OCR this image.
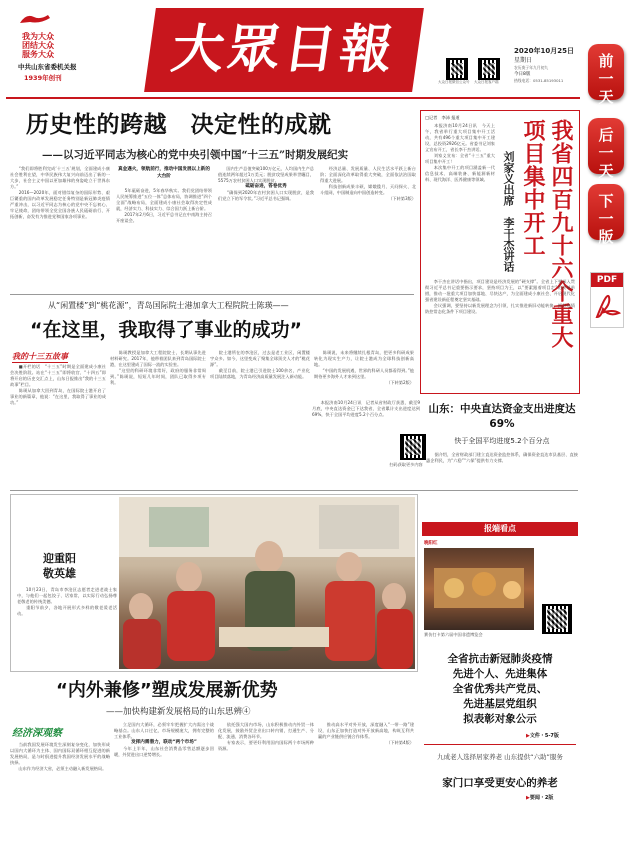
我为大众
团结大众
服务大众
中共山东省委机关报
1939年创刊	大眾日報
大众日报微信公众号 大众日报客户端
2020年10月25日
星期日
农历庚子年九月初九
今日8版
热线电话：0531-85193011
历史性的跨越　决定性的成就
——以习近平同志为核心的党中央引领中国“十三五”时期发展纪实
　　“我们即将胜利完成‘十三五’规划，全面建成小康社会胜利在望，中华民族伟大复兴向前迈出了新的一大步，社会主义中国以更加雄伟的身姿屹立于世界东方。”
　　2016—2020年，面对错综复杂的国际形势、艰巨繁重的国内改革发展稳定任务特别是新冠肺炎疫情严重冲击，以习近平同志为核心的党中央不忘初心、牢记使命，团结带领全党全国各族人民砥砺前行、开拓创新，奋发有为推进党和国家各项事业。
真金遇火，领航前行，推动中国发展以上新的大台阶
　　5年砥砺奋进，5年春华秋实。我们党团结带领人民统筹推进“五位一体”总体布局，协调推进“四个全面”战略布局，全面建成小康社会取得决定性成就，经济实力、科技实力、综合国力跃上新台阶。
　　2017年2月6日，习近平总书记在中南海主持召开座谈会。
　　国内生产总值突破100万亿元，人均国内生产总值连续两年超过1万美元；脱贫攻坚成果举世瞩目，5575万农村贫困人口实现脱贫。
砥砺奋进，答卷优秀
　　“确保到2020年农村贫困人口实现脱贫，是我们党立下的军令状。”习近平总书记强调。
　　经济总量、发展质量、人民生活水平跃上新台阶；全面深化改革取得重大突破，全面依法治国取得重大进展。
　　科技创新成果丰硕，嫦娥揽月、天问探火、北斗组网，中国制造向中国创造转变。
（下转第3版）
□记者　李沛 报道
　　本报济南10月24日讯　今天上午，我省举行重大项目集中开工活动，共有496个重大项目集中开工建设，总投资2926亿元。省委书记刘家义宣布开工，省长李干杰讲话。
　　刘家义宣布：全省“十三五”重大项目集中开工！
　　本次集中开工的项目涵盖新一代信息技术、高端装备、新能源新材料、现代海洋、医养健康等领域。	我省四百九十六个重大项目集中开工
刘家义出席　李干杰讲话
　　李干杰在讲话中指出，项目建设是经济发展的“硬支撑”。全省上下要深入贯彻习近平总书记重要指示要求，坚持项目为王，以“要素跟着项目走”的改革举措，推动一批重大项目加快落地、尽快达产，为全面建成小康社会、开启现代化强省建设新征程奠定坚实基础。
　　会议强调，要坚持以新发展理念为引领，扎实推进新旧动能转换，抓好疫情防控常态化条件下项目建设。
从“闲置楼”到“桃花源”，青岛国际院士港加拿大工程院院士陈瑛——
“在这里，我取得了事业的成功”
我的十三五故事
　　■开栏的话　“十三五”时期是全面建成小康社会决胜阶段。站在“十三五”即将收官、“十四五”即将开启的历史交汇点上，山东日报推出“我的十三五故事”栏目。
　　陈瑛从加拿大回到青岛，在国际院士港开启了事业的新篇章，他说：“在这里，我取得了事业的成功。”
　　陈瑛教授是加拿大工程院院士，长期从事先进材料研究。2017年，他带着团队来到青岛国际院士港，在这里建成了国际一流的实验室。
　　“这里的科研环境非常好，政府的服务非常周到。”陈瑛说，短短几年时间，团队已取得多项专利。
　　院士港所在的李沧区，过去是老工业区，闲置楼宇众多。如今，这里变成了聚集全球顶尖人才的“桃花源”。
　　截至目前，院士港已引进院士100余名，产业化项目陆续落地，为青岛经济高质量发展注入新动能。
　　陈瑛说，未来将继续扎根青岛，把更多科研成果转化为现实生产力，让院士港成为全球科技创新高地。
　　“中国的发展机遇，世界的科研人员都看得到。”他期待更多海外人才来到这里。
（下转第2版）
山东：中央直达资金支出进度达69%
快于全国平均进度5.2个百分点
　　本报济南10月24日讯　记者从省财政厅获悉，截至9月底，中央直达资金已下达我省，全省累计支出进度达到69%，快于全国平均进度5.2个百分点。
扫码获取更多内容
　　据介绍，全省财政部门建立直达资金监控体系，确保资金直达市县基层、直接惠企利民，为“六稳”“六保”提供有力支撑。
迎重阳敬英雄
　　10月23日，青岛市李沧区志愿者走进老战士家中，与他们一起包饺子、话家常，以实际行动弘扬尊老敬老的传统美德。
　　重阳节前夕，各地开展形式多样的敬老爱老活动。
“内外兼修”塑成发展新优势
——加快构建新发展格局的山东思辨④
经济深观察
　　当前我国发展环境发生深刻复杂变化，加快形成以国内大循环为主体、国内国际双循环相互促进的新发展格局，是与时俱进提升我国经济发展水平的战略抉择。
　　山东作为经济大省，必须主动融入新发展格局。
　　立足国内大循环，必须牢牢把握扩大内需这个战略基点。山东人口过亿，市场规模庞大，拥有完整的工业体系。
发挥内需潜力，联动“两个市场”
　　今年上半年，山东社会消费品零售总额逐步回暖，外贸进出口逆势增长。
　　依托强大国内市场，山东积极推动内外贸一体化发展，鼓励外贸企业出口转内销，打通生产、分配、流通、消费各环节。
　　专家表示，要更好利用国内国际两个市场两种资源。
　　推动高水平对外开放，深度融入“一带一路”建设，山东正加快打造对外开放新高地，构筑互利共赢的产业链供应链合作体系。
（下转第4版）
报端看点
晚阳红
赛仿打卡第六届中国非遗博览会
全省抗击新冠肺炎疫情
先进个人、先进集体
全省优秀共产党员、
先进基层党组织
拟表彰对象公示
▶文件・5-7版
九成老人选择居家养老 山东提供“六助”服务
家门口享受更安心的养老
▶要闻・2版
前一天
后一天
下一版
PDF
